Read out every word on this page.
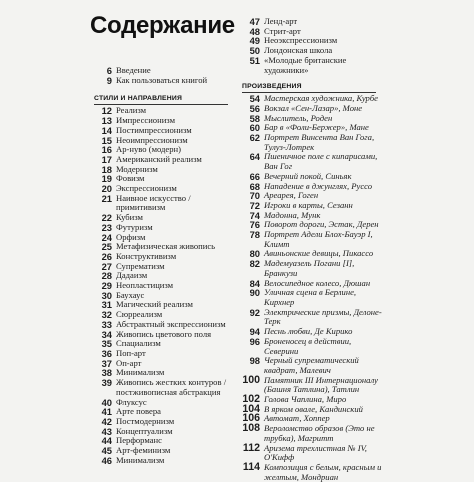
Содержание
6 Введение
9 Как пользоваться книгой
СТИЛИ И НАПРАВЛЕНИЯ
12 Реализм
13 Импрессионизм
14 Постимпрессионизм
15 Неоимпрессионизм
16 Ар-нуво (модерн)
17 Американский реализм
18 Модернизм
19 Фовизм
20 Экспрессионизм
21 Наивное искусство / примитивизм
22 Кубизм
23 Футуризм
24 Орфизм
25 Метафизическая живопись
26 Конструктивизм
27 Супрематизм
28 Дадаизм
29 Неопластицизм
30 Баухаус
31 Магический реализм
32 Сюрреализм
33 Абстрактный экспрессионизм
34 Живопись цветового поля
35 Спациализм
36 Поп-арт
37 Оп-арт
38 Минимализм
39 Живопись жестких контуров / постживописная абстракция
40 Флуксус
41 Арте повера
42 Постмодернизм
43 Концептуализм
44 Перформанс
45 Арт-феминизм
46 Минимализм
47 Ленд-арт
48 Стрит-арт
49 Неоэкспрессионизм
50 Лондонская школа
51 «Молодые британские художники»
ПРОИЗВЕДЕНИЯ
54 Мастерская художника, Курбе
56 Вокзал «Сен-Лазар», Моне
58 Мыслитель, Роден
60 Бар в «Фоли-Бержер», Мане
62 Портрет Винсента Ван Гога, Тулуз-Лотрек
64 Пшеничное поле с кипарисами, Ван Гог
66 Вечерний покой, Синьяк
68 Нападение в джунглях, Руссо
70 Ареарея, Гоген
72 Игроки в карты, Сезанн
74 Мадонна, Мунк
76 Поворот дороги, Эстак, Дерен
78 Портрет Адели Блох-Бауэр I, Климт
80 Авиньонские девицы, Пикассо
82 Мадемуазель Погани [I], Бранкузи
84 Велосипедное колесо, Дюшан
90 Уличная сцена в Берлине, Кирхнер
92 Электрические призмы, Делоне-Терк
94 Песнь любви, Де Кирико
96 Броненосец в действии, Северини
98 Черный супрематический квадрат, Малевич
100 Памятник III Интернационалу (Башня Татлина), Татлин
102 Голова Чаплина, Миро
104 В ярком овале, Кандинский
106 Автомат, Хоппер
108 Вероломство образов (Это не трубка), Магритт
112 Аризема трехлистная № IV, О'Кифф
114 Композиция с белым, красным и желтым, Мондриан
